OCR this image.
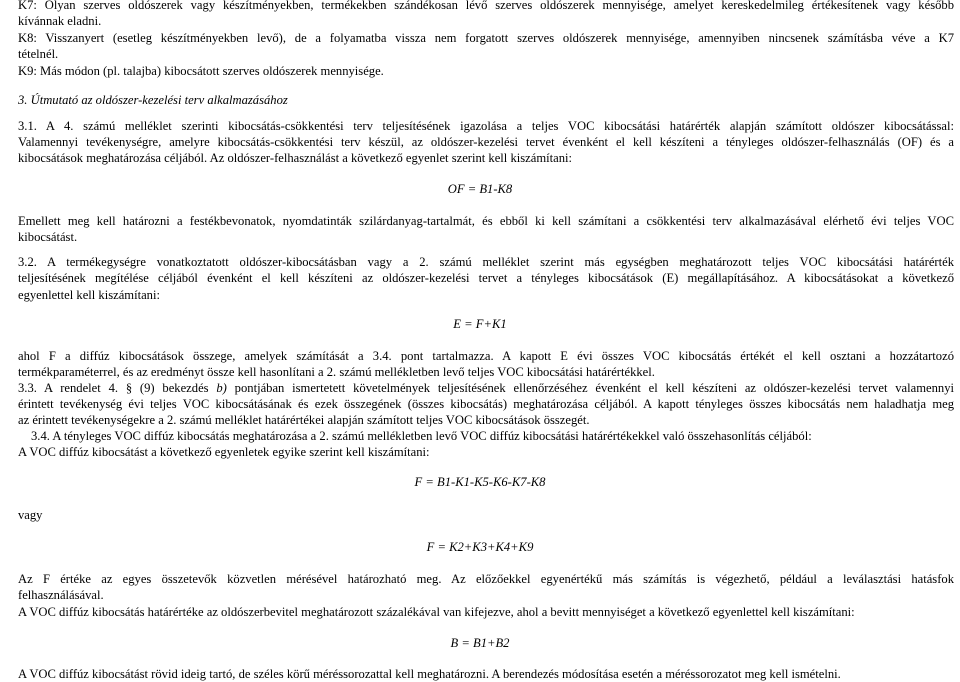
K7: Olyan szerves oldószerek vagy készítményekben, termékekben szándékosan lévő szerves oldószerek mennyisége, amelyet kereskedelmileg értékesítenek vagy később
kívánnak eladni.
K8: Visszanyert (esetleg készítményekben levő), de a folyamatba vissza nem forgatott szerves oldószerek mennyisége, amennyiben nincsenek számításba véve a K7
tételnél.
K9: Más módon (pl. talajba) kibocsátott szerves oldószerek mennyisége.
3. Útmutató az oldószer-kezelési terv alkalmazásához
3.1. A 4. számú melléklet szerinti kibocsátás-csökkentési terv teljesítésének igazolása a teljes VOC kibocsátási határérték alapján számított oldószer kibocsátással:
Valamennyi tevékenységre, amelyre kibocsátás-csökkentési terv készül, az oldószer-kezelési tervet évenként el kell készíteni a tényleges oldószer-felhasználás (OF) és a
kibocsátások meghatározása céljából. Az oldószer-felhasználást a következő egyenlet szerint kell kiszámítani:
OF = B1-K8
Emellett meg kell határozni a festékbevonatok, nyomdatinták szilárdanyag-tartalmát, és ebből ki kell számítani a csökkentési terv alkalmazásával elérhető évi teljes VOC
kibocsátást.
3.2. A termékegységre vonatkoztatott oldószer-kibocsátásban vagy a 2. számú melléklet szerint más egységben meghatározott teljes VOC kibocsátási határérték
teljesítésének megítélése céljából évenként el kell készíteni az oldószer-kezelési tervet a tényleges kibocsátások (E) megállapításához. A kibocsátásokat a következő
egyenlettel kell kiszámítani:
E = F+K1
ahol F a diffúz kibocsátások összege, amelyek számítását a 3.4. pont tartalmazza. A kapott E évi összes VOC kibocsátás értékét el kell osztani a hozzátartozó
termékparaméterrel, és az eredményt össze kell hasonlítani a 2. számú mellékletben levő teljes VOC kibocsátási határértékkel.
3.3. A rendelet 4. § (9) bekezdés b) pontjában ismertetett követelmények teljesítésének ellenőrzéséhez évenként el kell készíteni az oldószer-kezelési tervet valamennyi
érintett tevékenység évi teljes VOC kibocsátásának és ezek összegének (összes kibocsátás) meghatározása céljából. A kapott tényleges összes kibocsátás nem haladhatja meg
az érintett tevékenységekre a 2. számú melléklet határértékei alapján számított teljes VOC kibocsátások összegét.
3.4. A tényleges VOC diffúz kibocsátás meghatározása a 2. számú mellékletben levő VOC diffúz kibocsátási határértékekkel való összehasonlítás céljából:
A VOC diffúz kibocsátást a következő egyenletek egyike szerint kell kiszámítani:
F = B1-K1-K5-K6-K7-K8
vagy
F = K2+K3+K4+K9
Az F értéke az egyes összetevők közvetlen mérésével határozható meg. Az előzőekkel egyenértékű más számítás is végezhető, például a leválasztási hatásfok
felhasználásával.
A VOC diffúz kibocsátás határértéke az oldószerbevitel meghatározott százalékával van kifejezve, ahol a bevitt mennyiséget a következő egyenlettel kell kiszámítani:
B = B1+B2
A VOC diffúz kibocsátást rövid ideig tartó, de széles körű méréssorozattal kell meghatározni. A berendezés módosítása esetén a méréssorozatot meg kell ismételni.
